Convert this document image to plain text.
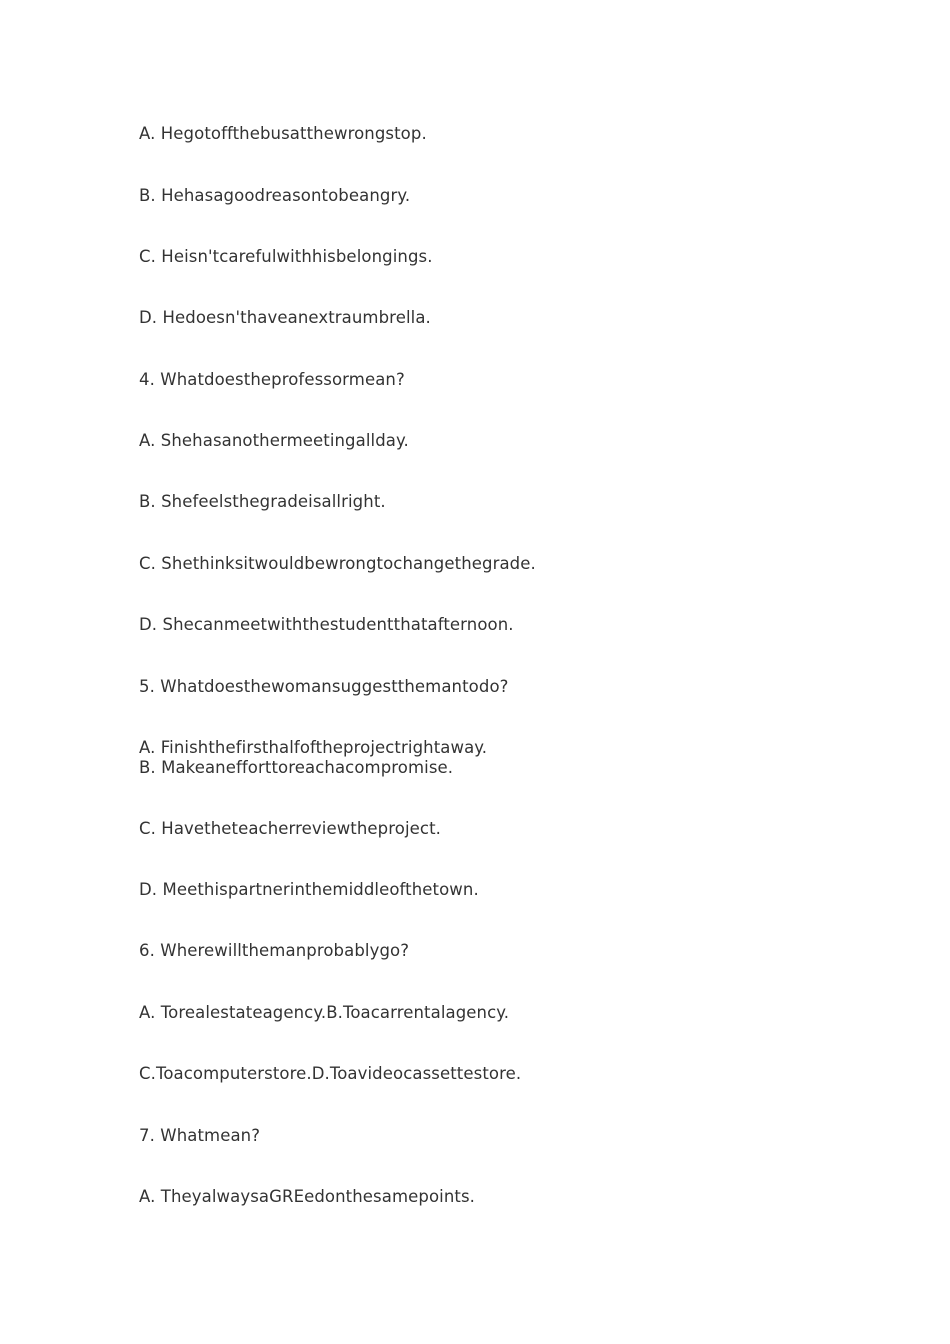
A. Hegotoffthebusatthewrongstop.
B. Hehasagoodreasontobeangry.
C. Heisn'tcarefulwithhisbelongings.
D. Hedoesn'thaveanextraumbrella.
4. Whatdoestheprofessormean?
A. Shehasanothermeetingallday.
B. Shefeelsthegradeisallright.
C. Shethinksitwouldbewrongtochangethegrade.
D. Shecanmeetwiththestudentthatafternoon.
5. Whatdoesthewomansuggestthemantodo?
A. Finishthefirsthalfoftheprojectrightaway.
B. Makeanefforttoreachacompromise.
C. Havetheteacherreviewtheproject.
D. Meethispartnerinthemiddleofthetown.
6. Wherewillthemanprobablygo?
A. Torealestateagency.B.Toacarrentalagency.
C.Toacomputerstore.D.Toavideocassettestore.
7. Whatmean?
A. TheyalwaysaGREedonthesamepoints.
